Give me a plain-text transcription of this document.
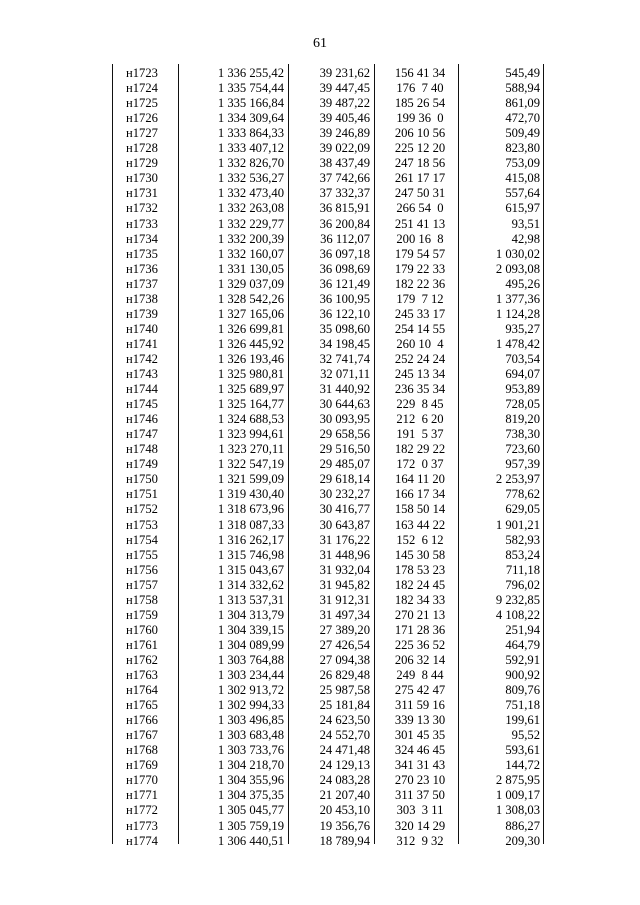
61
н1723	1 336 255,42	39 231,62	156 41 34	545,49
н1724	1 335 754,44	39 447,45	176  7 40	588,94
н1725	1 335 166,84	39 487,22	185 26 54	861,09
н1726	1 334 309,64	39 405,46	199 36  0	472,70
н1727	1 333 864,33	39 246,89	206 10 56	509,49
н1728	1 333 407,12	39 022,09	225 12 20	823,80
н1729	1 332 826,70	38 437,49	247 18 56	753,09
н1730	1 332 536,27	37 742,66	261 17 17	415,08
н1731	1 332 473,40	37 332,37	247 50 31	557,64
н1732	1 332 263,08	36 815,91	266 54  0	615,97
н1733	1 332 229,77	36 200,84	251 41 13	93,51
н1734	1 332 200,39	36 112,07	200 16  8	42,98
н1735	1 332 160,07	36 097,18	179 54 57	1 030,02
н1736	1 331 130,05	36 098,69	179 22 33	2 093,08
н1737	1 329 037,09	36 121,49	182 22 36	495,26
н1738	1 328 542,26	36 100,95	179  7 12	1 377,36
н1739	1 327 165,06	36 122,10	245 33 17	1 124,28
н1740	1 326 699,81	35 098,60	254 14 55	935,27
н1741	1 326 445,92	34 198,45	260 10  4	1 478,42
н1742	1 326 193,46	32 741,74	252 24 24	703,54
н1743	1 325 980,81	32 071,11	245 13 34	694,07
н1744	1 325 689,97	31 440,92	236 35 34	953,89
н1745	1 325 164,77	30 644,63	229  8 45	728,05
н1746	1 324 688,53	30 093,95	212  6 20	819,20
н1747	1 323 994,61	29 658,56	191  5 37	738,30
н1748	1 323 270,11	29 516,50	182 29 22	723,60
н1749	1 322 547,19	29 485,07	172  0 37	957,39
н1750	1 321 599,09	29 618,14	164 11 20	2 253,97
н1751	1 319 430,40	30 232,27	166 17 34	778,62
н1752	1 318 673,96	30 416,77	158 50 14	629,05
н1753	1 318 087,33	30 643,87	163 44 22	1 901,21
н1754	1 316 262,17	31 176,22	152  6 12	582,93
н1755	1 315 746,98	31 448,96	145 30 58	853,24
н1756	1 315 043,67	31 932,04	178 53 23	711,18
н1757	1 314 332,62	31 945,82	182 24 45	796,02
н1758	1 313 537,31	31 912,31	182 34 33	9 232,85
н1759	1 304 313,79	31 497,34	270 21 13	4 108,22
н1760	1 304 339,15	27 389,20	171 28 36	251,94
н1761	1 304 089,99	27 426,54	225 36 52	464,79
н1762	1 303 764,88	27 094,38	206 32 14	592,91
н1763	1 303 234,44	26 829,48	249  8 44	900,92
н1764	1 302 913,72	25 987,58	275 42 47	809,76
н1765	1 302 994,33	25 181,84	311 59 16	751,18
н1766	1 303 496,85	24 623,50	339 13 30	199,61
н1767	1 303 683,48	24 552,70	301 45 35	95,52
н1768	1 303 733,76	24 471,48	324 46 45	593,61
н1769	1 304 218,70	24 129,13	341 31 43	144,72
н1770	1 304 355,96	24 083,28	270 23 10	2 875,95
н1771	1 304 375,35	21 207,40	311 37 50	1 009,17
н1772	1 305 045,77	20 453,10	303  3 11	1 308,03
н1773	1 305 759,19	19 356,76	320 14 29	886,27
н1774	1 306 440,51	18 789,94	312  9 32	209,30
